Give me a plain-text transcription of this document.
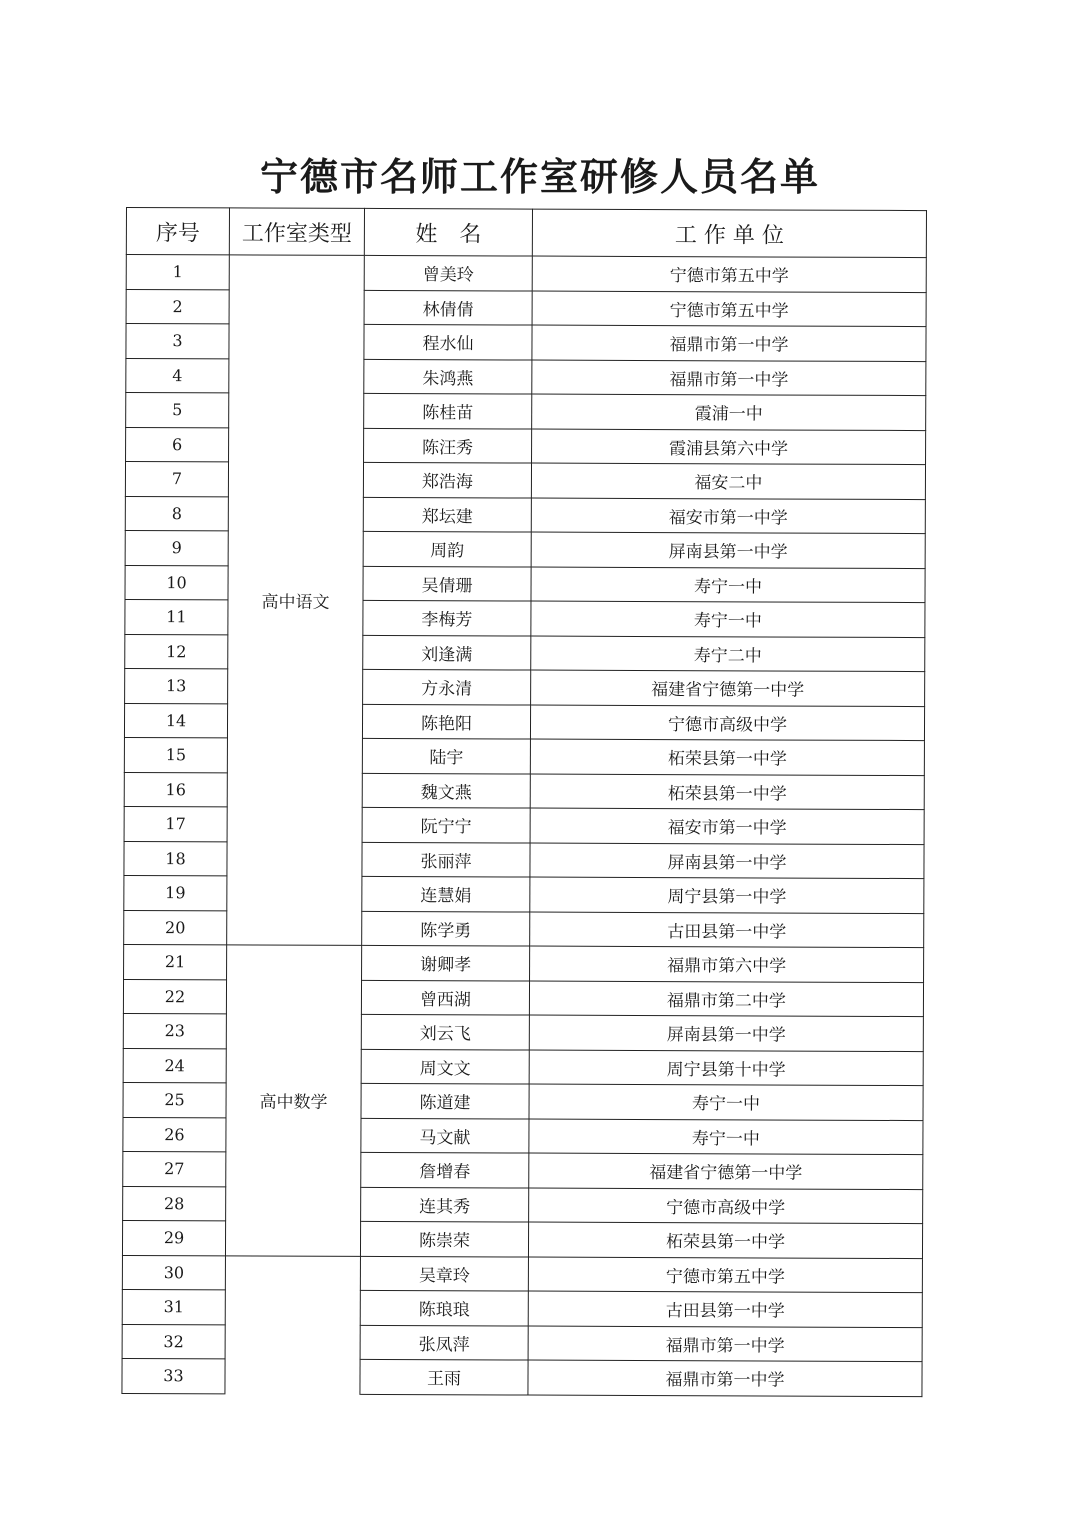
宁德市名师工作室研修人员名单
序号	工作室类型	姓　名	工 作 单 位
1	高中语文	曾美玲	宁德市第五中学
2		林倩倩	宁德市第五中学
3		程水仙	福鼎市第一中学
4		朱鸿燕	福鼎市第一中学
5		陈桂苗	霞浦一中
6		陈汪秀	霞浦县第六中学
7		郑浩海	福安二中
8		郑坛建	福安市第一中学
9		周韵	屏南县第一中学
10		吴倩珊	寿宁一中
11		李梅芳	寿宁一中
12		刘逢满	寿宁二中
13		方永清	福建省宁德第一中学
14		陈艳阳	宁德市高级中学
15		陆宇	柘荣县第一中学
16		魏文燕	柘荣县第一中学
17		阮宁宁	福安市第一中学
18		张丽萍	屏南县第一中学
19		连慧娟	周宁县第一中学
20		陈学勇	古田县第一中学
21	高中数学	谢卿孝	福鼎市第六中学
22		曾西湖	福鼎市第二中学
23		刘云飞	屏南县第一中学
24		周文文	周宁县第十中学
25		陈道建	寿宁一中
26		马文献	寿宁一中
27		詹增春	福建省宁德第一中学
28		连其秀	宁德市高级中学
29		陈崇荣	柘荣县第一中学
30		吴章玲	宁德市第五中学
31		陈琅琅	古田县第一中学
32		张凤萍	福鼎市第一中学
33		王雨	福鼎市第一中学
